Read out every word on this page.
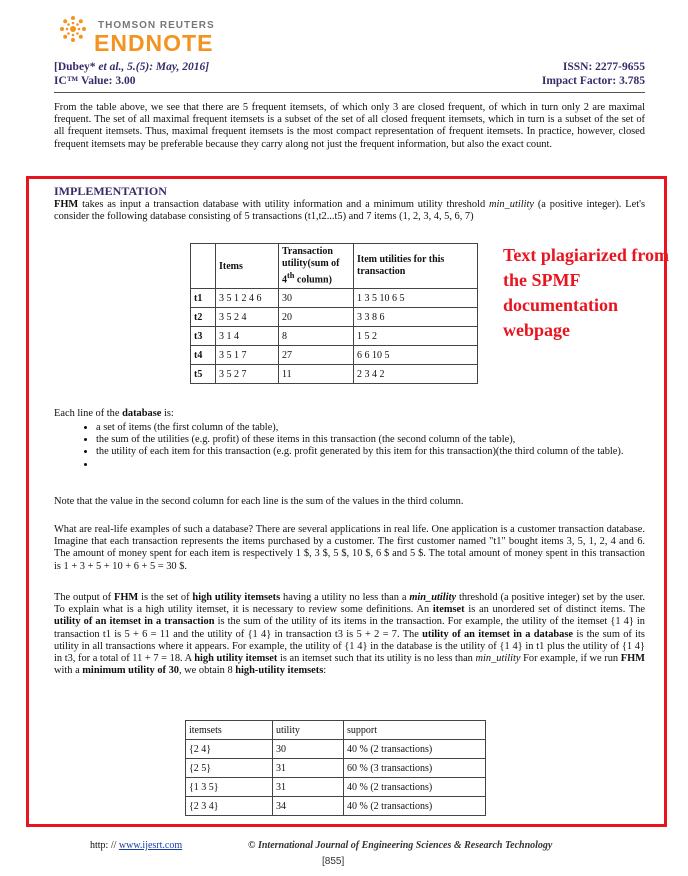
THOMSON REUTERS
ENDNOTE
[Dubey* et al., 5.(5): May, 2016]
IC™ Value: 3.00
ISSN: 2277-9655
Impact Factor: 3.785
From the table above, we see that there are 5 frequent itemsets, of which only 3 are closed frequent, of which in turn only 2 are maximal frequent. The set of all maximal frequent itemsets is a subset of the set of all closed frequent itemsets, which in turn is a subset of the set of all frequent itemsets. Thus, maximal frequent itemsets is the most compact representation of frequent itemsets. In practice, however, closed frequent itemsets may be preferable because they carry along not just the frequent information, but also the exact count.
IMPLEMENTATION
FHM takes as input a transaction database with utility information and a minimum utility threshold min_utility (a positive integer). Let's consider the following database consisting of 5 transactions (t1,t2...t5) and 7 items (1, 2, 3, 4, 5, 6, 7)
	Items	Transaction utility(sum of 4th column)	Item utilities for this transaction
t1	3 5 1 2 4 6	30	1 3 5 10 6 5
t2	3 5 2 4	20	3 3 8 6
t3	3 1 4	8	1 5 2
t4	3 5 1 7	27	6 6 10 5
t5	3 5 2 7	11	2 3 4 2
Text plagiarized from the SPMF documentation webpage
Each line of the database is:
• a set of items (the first column of the table),
• the sum of the utilities (e.g. profit) of these items in this transaction (the second column of the table),
• the utility of each item for this transaction (e.g. profit generated by this item for this transaction)(the third column of the table).
•
Note that the value in the second column for each line is the sum of the values in the third column.
What are real-life examples of such a database? There are several applications in real life. One application is a customer transaction database. Imagine that each transaction represents the items purchased by a customer. The first customer named "t1" bought items 3, 5, 1, 2, 4 and 6. The amount of money spent for each item is respectively 1 $, 3 $, 5 $, 10 $, 6 $ and 5 $. The total amount of money spent in this transaction is 1 + 3 + 5 + 10 + 6 + 5 = 30 $.
The output of FHM is the set of high utility itemsets having a utility no less than a min_utility threshold (a positive integer) set by the user. To explain what is a high utility itemset, it is necessary to review some definitions. An itemset is an unordered set of distinct items. The utility of an itemset in a transaction is the sum of the utility of its items in the transaction. For example, the utility of the itemset {1 4} in transaction t1 is 5 + 6 = 11 and the utility of {1 4} in transaction t3 is 5 + 2 = 7. The utility of an itemset in a database is the sum of its utility in all transactions where it appears. For example, the utility of {1 4} in the database is the utility of {1 4} in t1 plus the utility of {1 4} in t3, for a total of 11 + 7 = 18. A high utility itemset is an itemset such that its utility is no less than min_utility For example, if we run FHM with a minimum utility of 30, we obtain 8 high-utility itemsets:
itemsets	utility	support
{2 4}	30	40 % (2 transactions)
{2 5}	31	60 % (3 transactions)
{1 3 5}	31	40 % (2 transactions)
{2 3 4}	34	40 % (2 transactions)
http: // www.ijesrt.com	© International Journal of Engineering Sciences & Research Technology
[855]
